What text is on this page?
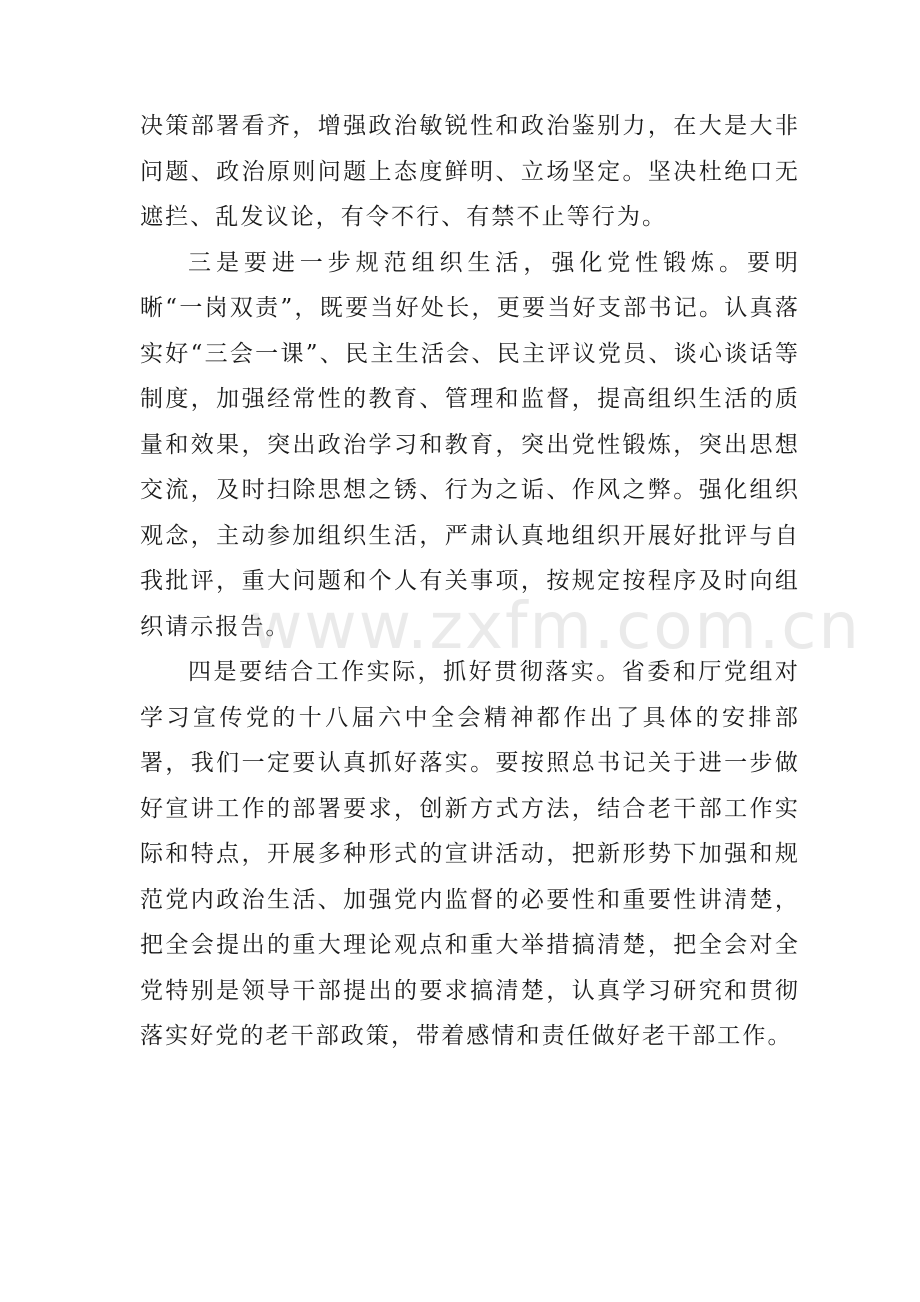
决策部署看齐，增强政治敏锐性和政治鉴别力，在大是大非问题、政治原则问题上态度鲜明、立场坚定。坚决杜绝口无遮拦、乱发议论，有令不行、有禁不止等行为。

三是要进一步规范组织生活，强化党性锻炼。要明晰“一岗双责”，既要当好处长，更要当好支部书记。认真落实好“三会一课”、民主生活会、民主评议党员、谈心谈话等制度，加强经常性的教育、管理和监督，提高组织生活的质量和效果，突出政治学习和教育，突出党性锻炼，突出思想交流，及时扫除思想之锈、行为之诟、作风之弊。强化组织观念，主动参加组织生活，严肃认真地组织开展好批评与自我批评，重大问题和个人有关事项，按规定按程序及时向组织请示报告。

四是要结合工作实际，抓好贯彻落实。省委和厅党组对学习宣传党的十八届六中全会精神都作出了具体的安排部署，我们一定要认真抓好落实。要按照总书记关于进一步做好宣讲工作的部署要求，创新方式方法，结合老干部工作实际和特点，开展多种形式的宣讲活动，把新形势下加强和规范党内政治生活、加强党内监督的必要性和重要性讲清楚，把全会提出的重大理论观点和重大举措搞清楚，把全会对全党特别是领导干部提出的要求搞清楚，认真学习研究和贯彻落实好党的老干部政策，带着感情和责任做好老干部工作。

www.zxfm.com.cn
